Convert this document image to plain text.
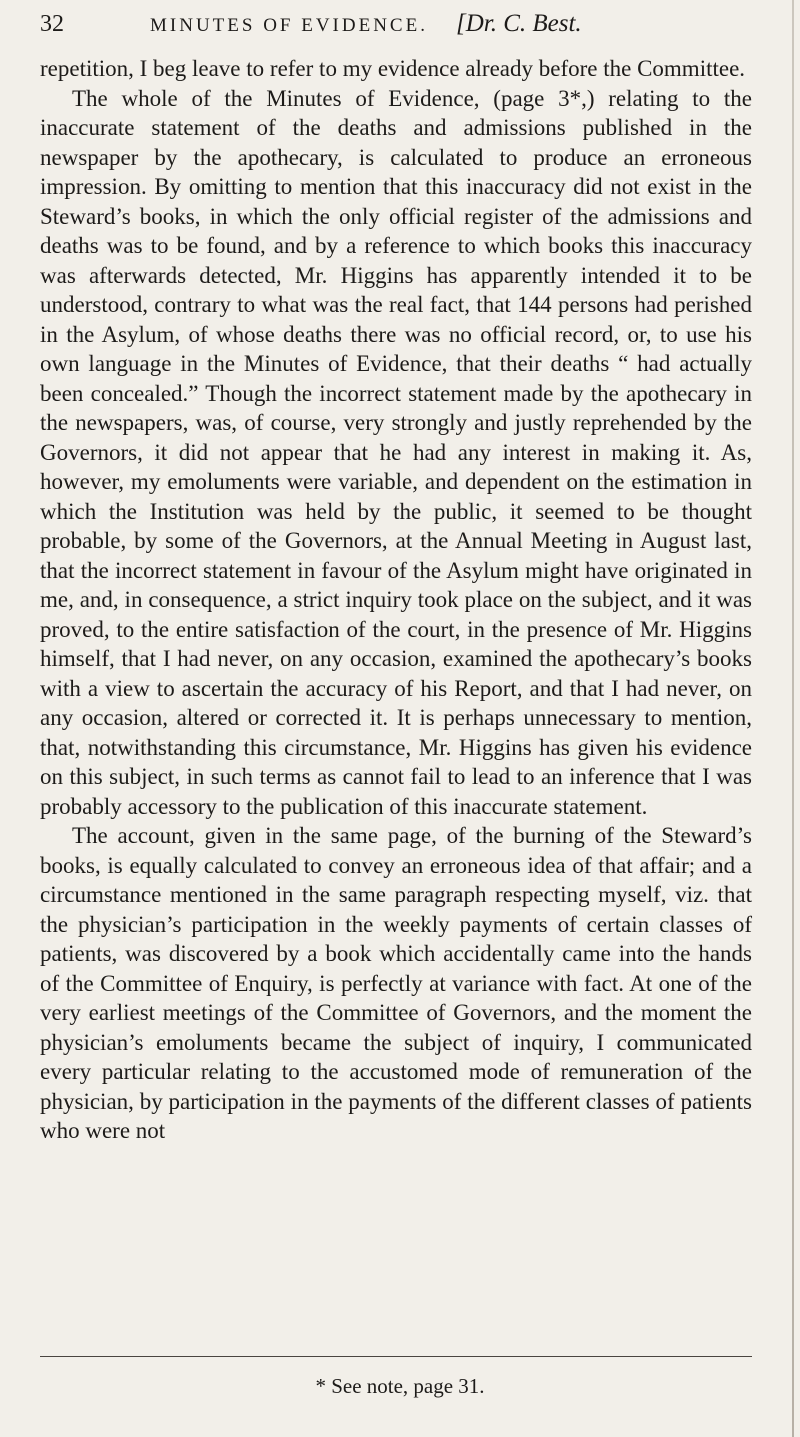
32	MINUTES OF EVIDENCE. [Dr. C. Best.

repetition, I beg leave to refer to my evidence already before the Committee.

The whole of the Minutes of Evidence, (page 3*,) relating to the inaccurate statement of the deaths and admissions published in the newspaper by the apothecary, is calculated to produce an erroneous impression. By omitting to mention that this inaccuracy did not exist in the Steward’s books, in which the only official register of the admissions and deaths was to be found, and by a reference to which books this inaccuracy was afterwards detected, Mr. Higgins has apparently intended it to be understood, contrary to what was the real fact, that 144 persons had perished in the Asylum, of whose deaths there was no official record, or, to use his own language in the Minutes of Evidence, that their deaths “ had actually been concealed.” Though the incorrect statement made by the apothecary in the newspapers, was, of course, very strongly and justly reprehended by the Governors, it did not appear that he had any interest in making it. As, however, my emoluments were variable, and dependent on the estimation in which the Institution was held by the public, it seemed to be thought probable, by some of the Governors, at the Annual Meeting in August last, that the incorrect statement in favour of the Asylum might have originated in me, and, in consequence, a strict inquiry took place on the subject, and it was proved, to the entire satisfaction of the court, in the presence of Mr. Higgins himself, that I had never, on any occasion, examined the apothecary’s books with a view to ascertain the accuracy of his Report, and that I had never, on any occasion, altered or corrected it. It is perhaps unnecessary to mention, that, notwithstanding this circumstance, Mr. Higgins has given his evidence on this subject, in such terms as cannot fail to lead to an inference that I was probably accessory to the publication of this inaccurate statement.

The account, given in the same page, of the burning of the Steward’s books, is equally calculated to convey an erroneous idea of that affair; and a circumstance mentioned in the same paragraph respecting myself, viz. that the physician’s participation in the weekly payments of certain classes of patients, was discovered by a book which accidentally came into the hands of the Committee of Enquiry, is perfectly at variance with fact. At one of the very earliest meetings of the Committee of Governors, and the moment the physician’s emoluments became the subject of inquiry, I communicated every particular relating to the accustomed mode of remuneration of the physician, by participation in the payments of the different classes of patients who were not

* See note, page 31.
